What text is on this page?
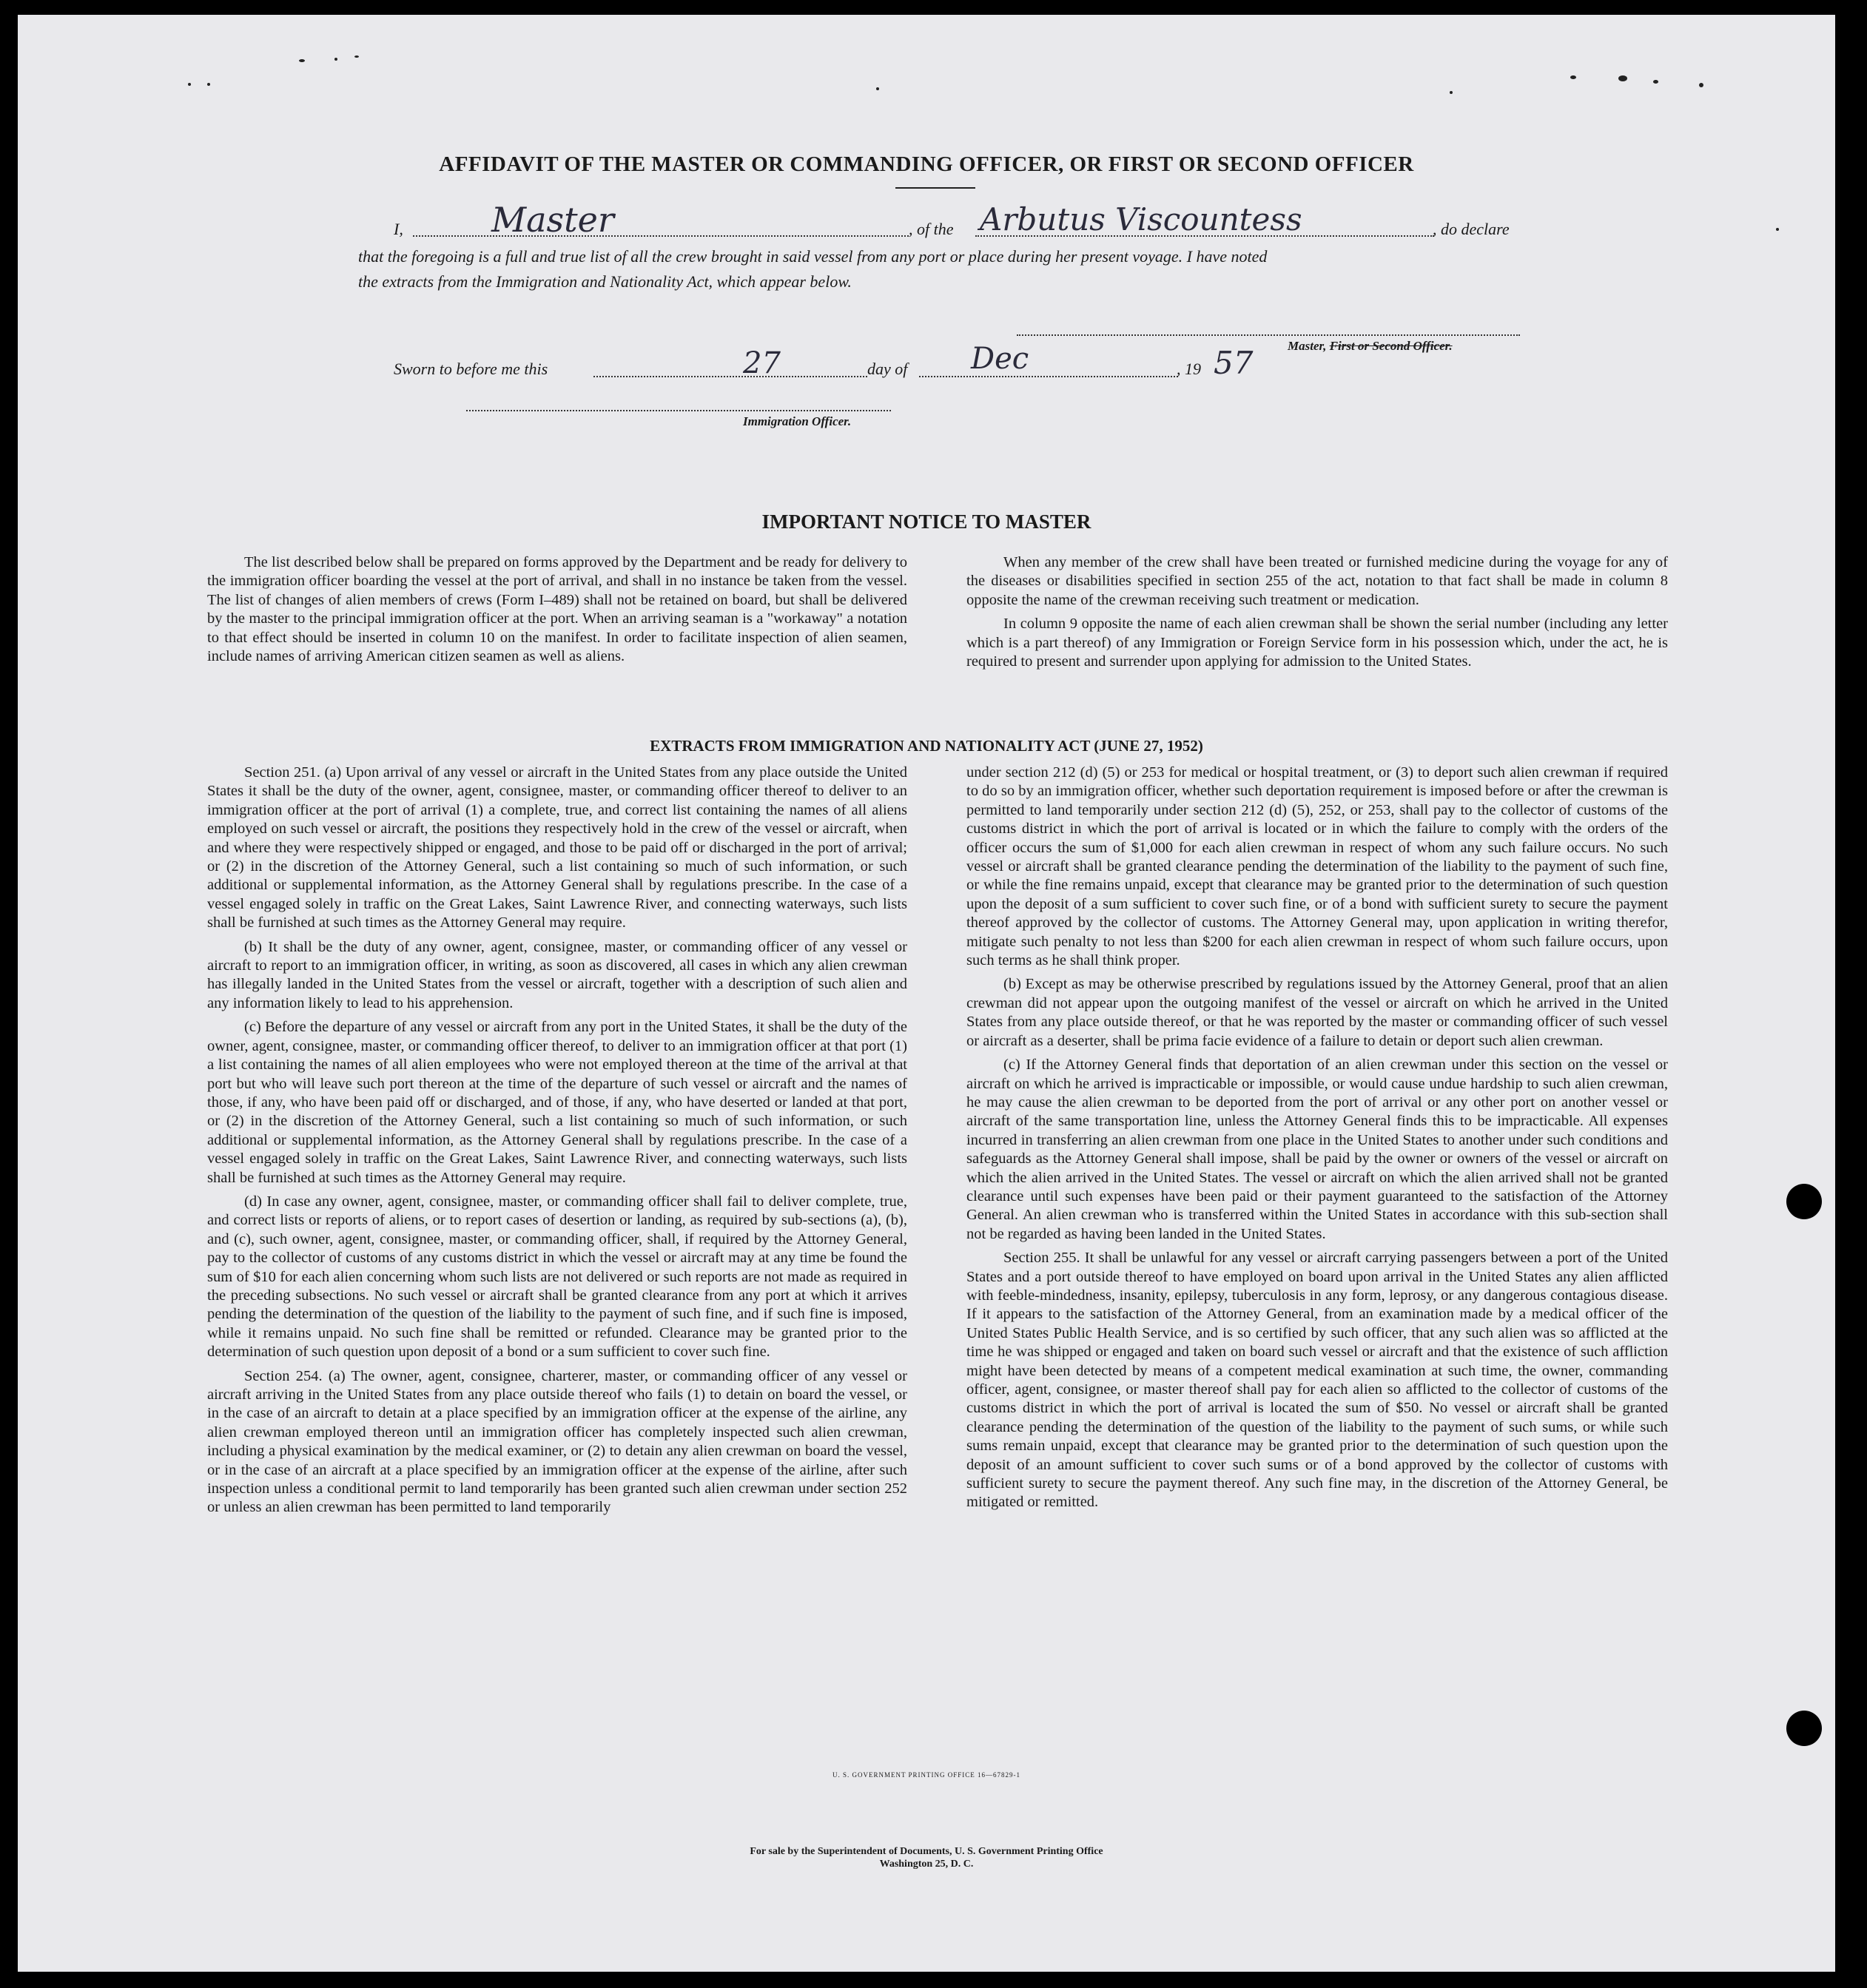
AFFIDAVIT OF THE MASTER OR COMMANDING OFFICER, OR FIRST OR SECOND OFFICER
I,	Master	, of the Arbutus Viscountess	, do declare
that the foregoing is a full and true list of all the crew brought in said vessel from any port or place during her present voyage. I have noted
the extracts from the Immigration and Nationality Act, which appear below.
Master, First or Second Officer.
Sworn to before me this	27	day of Dec	, 19 57
Immigration Officer.
IMPORTANT NOTICE TO MASTER

The list described below shall be prepared on forms approved by the Department and be ready for delivery to the immigration officer boarding the vessel at the port of arrival, and shall in no instance be taken from the vessel. The list of changes of alien members of crews (Form I–489) shall not be retained on board, but shall be delivered by the master to the principal immigration officer at the port. When an arriving seaman is a "workaway" a notation to that effect should be inserted in column 10 on the manifest. In order to facilitate inspection of alien seamen, include names of arriving American citizen seamen as well as aliens.

When any member of the crew shall have been treated or furnished medicine during the voyage for any of the diseases or disabilities specified in section 255 of the act, notation to that fact shall be made in column 8 opposite the name of the crewman receiving such treatment or medication.

In column 9 opposite the name of each alien crewman shall be shown the serial number (including any letter which is a part thereof) of any Immigration or Foreign Service form in his possession which, under the act, he is required to present and surrender upon applying for admission to the United States.

EXTRACTS FROM IMMIGRATION AND NATIONALITY ACT (JUNE 27, 1952)

Section 251. (a) Upon arrival of any vessel or aircraft in the United States from any place outside the United States it shall be the duty of the owner, agent, consignee, master, or commanding officer thereof to deliver to an immigration officer at the port of arrival (1) a complete, true, and correct list containing the names of all aliens employed on such vessel or aircraft, the positions they respectively hold in the crew of the vessel or aircraft, when and where they were respectively shipped or engaged, and those to be paid off or discharged in the port of arrival; or (2) in the discretion of the Attorney General, such a list containing so much of such information, or such additional or supplemental information, as the Attorney General shall by regulations prescribe. In the case of a vessel engaged solely in traffic on the Great Lakes, Saint Lawrence River, and connecting waterways, such lists shall be furnished at such times as the Attorney General may require.

(b) It shall be the duty of any owner, agent, consignee, master, or commanding officer of any vessel or aircraft to report to an immigration officer, in writing, as soon as discovered, all cases in which any alien crewman has illegally landed in the United States from the vessel or aircraft, together with a description of such alien and any information likely to lead to his apprehension.

(c) Before the departure of any vessel or aircraft from any port in the United States, it shall be the duty of the owner, agent, consignee, master, or commanding officer thereof, to deliver to an immigration officer at that port (1) a list containing the names of all alien employees who were not employed thereon at the time of the arrival at that port but who will leave such port thereon at the time of the departure of such vessel or aircraft and the names of those, if any, who have been paid off or discharged, and of those, if any, who have deserted or landed at that port, or (2) in the discretion of the Attorney General, such a list containing so much of such information, or such additional or supplemental information, as the Attorney General shall by regulations prescribe. In the case of a vessel engaged solely in traffic on the Great Lakes, Saint Lawrence River, and connecting waterways, such lists shall be furnished at such times as the Attorney General may require.

(d) In case any owner, agent, consignee, master, or commanding officer shall fail to deliver complete, true, and correct lists or reports of aliens, or to report cases of desertion or landing, as required by sub-sections (a), (b), and (c), such owner, agent, consignee, master, or commanding officer, shall, if required by the Attorney General, pay to the collector of customs of any customs district in which the vessel or aircraft may at any time be found the sum of $10 for each alien concerning whom such lists are not delivered or such reports are not made as required in the preceding subsections. No such vessel or aircraft shall be granted clearance from any port at which it arrives pending the determination of the question of the liability to the payment of such fine, and if such fine is imposed, while it remains unpaid. No such fine shall be remitted or refunded. Clearance may be granted prior to the determination of such question upon deposit of a bond or a sum sufficient to cover such fine.

Section 254. (a) The owner, agent, consignee, charterer, master, or commanding officer of any vessel or aircraft arriving in the United States from any place outside thereof who fails (1) to detain on board the vessel, or in the case of an aircraft to detain at a place specified by an immigration officer at the expense of the airline, any alien crewman employed thereon until an immigration officer has completely inspected such alien crewman, including a physical examination by the medical examiner, or (2) to detain any alien crewman on board the vessel, or in the case of an aircraft at a place specified by an immigration officer at the expense of the airline, after such inspection unless a conditional permit to land temporarily has been granted such alien crewman under section 252 or unless an alien crewman has been permitted to land temporarily

under section 212 (d) (5) or 253 for medical or hospital treatment, or (3) to deport such alien crewman if required to do so by an immigration officer, whether such deportation requirement is imposed before or after the crewman is permitted to land temporarily under section 212 (d) (5), 252, or 253, shall pay to the collector of customs of the customs district in which the port of arrival is located or in which the failure to comply with the orders of the officer occurs the sum of $1,000 for each alien crewman in respect of whom any such failure occurs. No such vessel or aircraft shall be granted clearance pending the determination of the liability to the payment of such fine, or while the fine remains unpaid, except that clearance may be granted prior to the determination of such question upon the deposit of a sum sufficient to cover such fine, or of a bond with sufficient surety to secure the payment thereof approved by the collector of customs. The Attorney General may, upon application in writing therefor, mitigate such penalty to not less than $200 for each alien crewman in respect of whom such failure occurs, upon such terms as he shall think proper.

(b) Except as may be otherwise prescribed by regulations issued by the Attorney General, proof that an alien crewman did not appear upon the outgoing manifest of the vessel or aircraft on which he arrived in the United States from any place outside thereof, or that he was reported by the master or commanding officer of such vessel or aircraft as a deserter, shall be prima facie evidence of a failure to detain or deport such alien crewman.

(c) If the Attorney General finds that deportation of an alien crewman under this section on the vessel or aircraft on which he arrived is impracticable or impossible, or would cause undue hardship to such alien crewman, he may cause the alien crewman to be deported from the port of arrival or any other port on another vessel or aircraft of the same transportation line, unless the Attorney General finds this to be impracticable. All expenses incurred in transferring an alien crewman from one place in the United States to another under such conditions and safeguards as the Attorney General shall impose, shall be paid by the owner or owners of the vessel or aircraft on which the alien arrived in the United States. The vessel or aircraft on which the alien arrived shall not be granted clearance until such expenses have been paid or their payment guaranteed to the satisfaction of the Attorney General. An alien crewman who is transferred within the United States in accordance with this sub-section shall not be regarded as having been landed in the United States.

Section 255. It shall be unlawful for any vessel or aircraft carrying passengers between a port of the United States and a port outside thereof to have employed on board upon arrival in the United States any alien afflicted with feeble-mindedness, insanity, epilepsy, tuberculosis in any form, leprosy, or any dangerous contagious disease. If it appears to the satisfaction of the Attorney General, from an examination made by a medical officer of the United States Public Health Service, and is so certified by such officer, that any such alien was so afflicted at the time he was shipped or engaged and taken on board such vessel or aircraft and that the existence of such affliction might have been detected by means of a competent medical examination at such time, the owner, commanding officer, agent, consignee, or master thereof shall pay for each alien so afflicted to the collector of customs of the customs district in which the port of arrival is located the sum of $50. No vessel or aircraft shall be granted clearance pending the determination of the question of the liability to the payment of such sums, or while such sums remain unpaid, except that clearance may be granted prior to the determination of such question upon the deposit of an amount sufficient to cover such sums or of a bond approved by the collector of customs with sufficient surety to secure the payment thereof. Any such fine may, in the discretion of the Attorney General, be mitigated or remitted.

U. S. GOVERNMENT PRINTING OFFICE 16—67829-1
For sale by the Superintendent of Documents, U. S. Government Printing Office
Washington 25, D. C.
